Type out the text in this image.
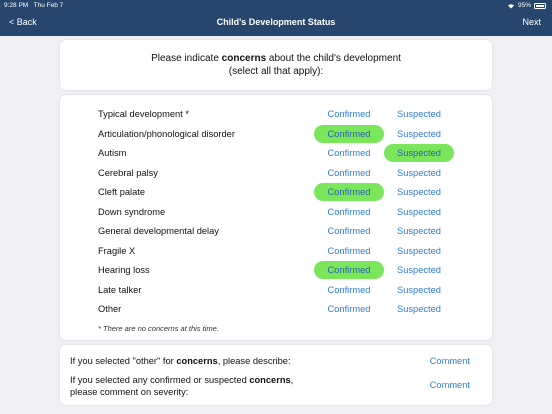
9:28 PM Thu Feb 7	95%
< Back	Child's Development Status	Next
Please indicate concerns about the child's development
(select all that apply):
Typical development *	Confirmed	Suspected
Articulation/phonological disorder	Confirmed	Suspected
Autism	Confirmed	Suspected
Cerebral palsy	Confirmed	Suspected
Cleft palate	Confirmed	Suspected
Down syndrome	Confirmed	Suspected
General developmental delay	Confirmed	Suspected
Fragile X	Confirmed	Suspected
Hearing loss	Confirmed	Suspected
Late talker	Confirmed	Suspected
Other	Confirmed	Suspected
* There are no concerns at this time.
If you selected "other" for concerns, please describe:	Comment
If you selected any confirmed or suspected concerns,
please comment on severity:
Comment
